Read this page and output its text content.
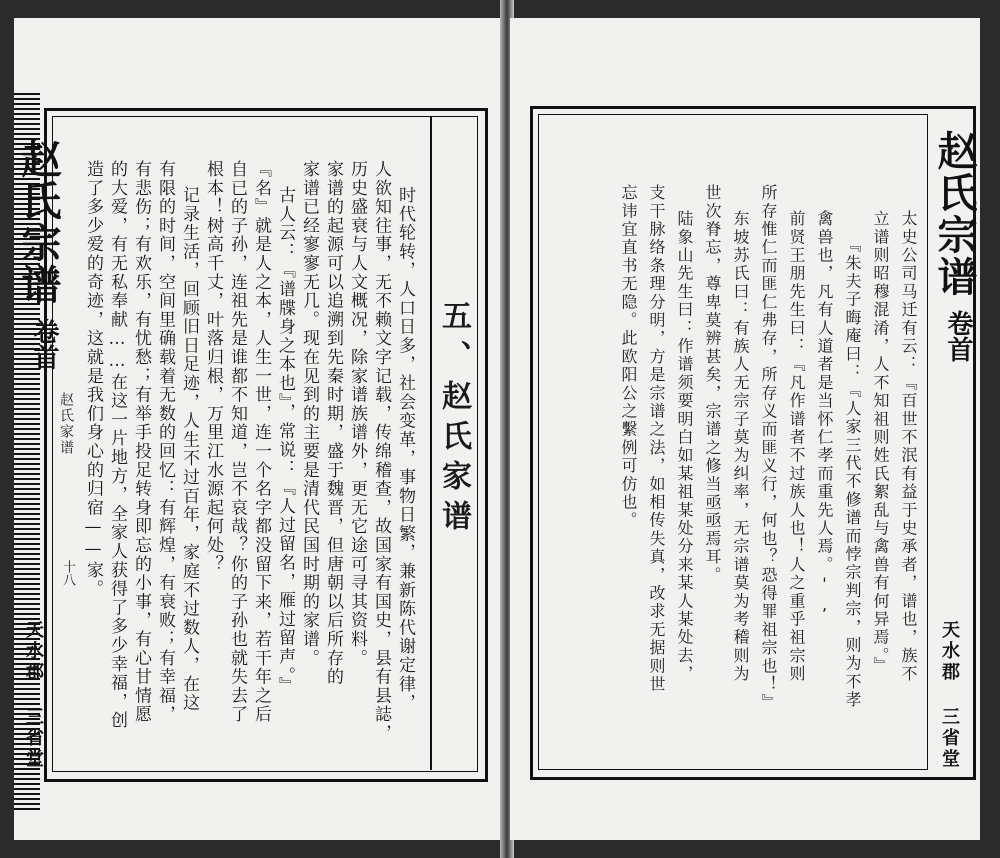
赵氏宗谱
卷首
赵氏家谱
十八
天水郡 三省堂
五、赵氏家谱
时代轮转，人口日多，社会变革，事物日繁，兼新陈代谢定律，
人欲知往事，无不赖文字记载，传绵稽查，故国家有国史，县有县誌，
历史盛衰与人文概况，除家谱族谱外，更无它途可寻其资料。
家谱的起源可以追溯到先秦时期，盛于魏晋，但唐朝以后所存的
家谱已经寥寥无几。现在见到的主要是清代民国时期的家谱。
古人云：『谱牒身之本也』，常说：『人过留名，雁过留声。』
『名』就是人之本，人生一世，连一个名字都没留下来，若干年之后
自已的子孙，连祖先是谁都不知道，岂不哀哉？你的子孙也就失去了
根本！树高千丈，叶落归根，万里江水源起何处？
记录生活，回顾旧日足迹，人生不过百年，家庭不过数人，在这
有限的时间，空间里确载着无数的回忆：有辉煌，有衰败；有幸福，
有悲伤；有欢乐，有忧愁；有举手投足转身即忘的小事，有心甘情愿
的大爱，有无私奉献……在这一片地方，全家人获得了多少幸福，创
造了多少爱的奇迹，这就是我们身心的归宿——家。	赵氏宗谱
卷首
天水郡 三省堂
太史公司马迁有云：『百世不泯有益于史承者，谱也，族不
立谱则昭穆混淆，人不知祖则姓氏絮乱与禽兽有何异焉。』
『朱夫子晦庵曰：『人家三代不修谱而悖宗判宗，则为不孝
禽兽也，凡有人道者是当怀仁孝而重先人焉。',
前贤王朋先生曰：『凡作谱者不过族人也！人之重乎祖宗则
所存惟仁而匪仁弗存，所存义而匪义行，何也？恐得罪祖宗也！』
东坡苏氏曰：有族人无宗子莫为纠率，无宗谱莫为考稽则为
世次脊忘，尊卑莫辨甚矣，宗谱之修当亟亟焉耳。
陆象山先生曰：作谱须要明白如某祖某处分来某人某处去，
支干脉络条理分明，方是宗谱之法，如相传失真，改求无据则世
忘讳宜直书无隐。此欧阳公之繫例可仿也。
